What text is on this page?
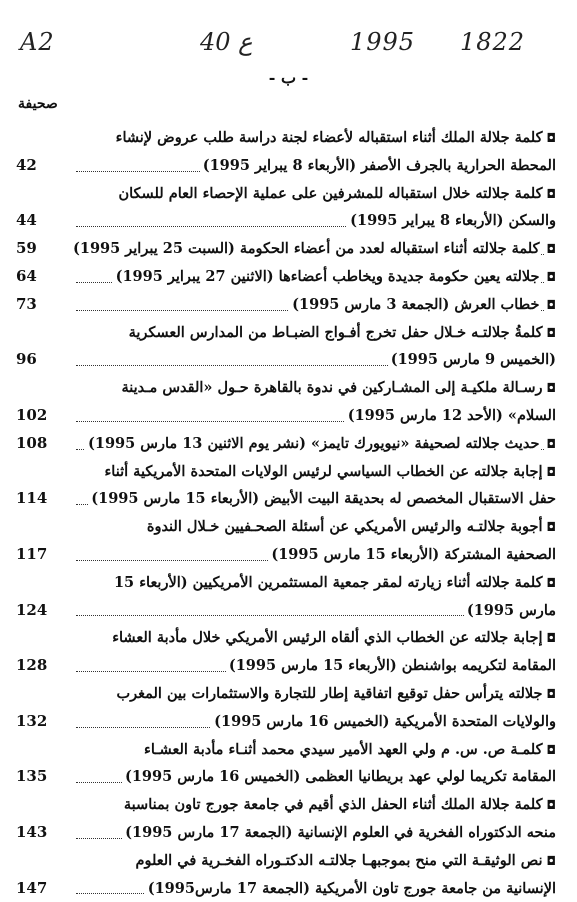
A2	40 ع	1995 1822
- ب -
صحيفة
◘كلمة جلالة الملك أثناء استقباله لأعضاء لجنة دراسة طلب عروض لإنشاء
المحطة الحرارية بالجرف الأصفر (الأربعاء 8 يبراير 1995)
42
◘كلمة جلالته خلال استقباله للمشرفين على عملية الإحصاء العام للسكان
والسكن (الأربعاء 8 يبراير 1995)
44
◘كلمة جلالته أثناء استقباله لعدد من أعضاء الحكومة (السبت 25 يبراير 1995)
59
◘جلالته يعين حكومة جديدة ويخاطب أعضاءها (الاثنين 27 يبراير 1995)
64
◘خطاب العرش (الجمعة 3 مارس 1995)
73
◘كلمةُ جلالتـه خـلال حفل تخرج أفـواج الضبـاط من المدارس العسكرية
(الخميس 9 مارس 1995)
96
◘رسـالة ملكيـة إلى المشـاركين في ندوة بالقاهرة حـول «القدس مـدينة
السلام» (الأحد 12 مارس 1995)
102
◘حديث جلالته لصحيفة «نيويورك تايمز» (نشر يوم الاثنين 13 مارس 1995)
108
◘إجابة جلالته عن الخطاب السياسي لرئيس الولايات المتحدة الأمريكية أثناء
حفل الاستقبال المخصص له بحديقة البيت الأبيض (الأربعاء 15 مارس 1995)
114
◘أجوبة جلالتـه والرئيس الأمريكي عن أسئلة الصحـفيين خـلال الندوة
الصحفية المشتركة (الأربعاء 15 مارس 1995)
117
◘كلمة جلالته أثناء زيارته لمقر جمعية المستثمرين الأمريكيين (الأربعاء 15
مارس 1995)
124
◘إجابة جلالته عن الخطاب الذي ألقاه الرئيس الأمريكي خلال مأدبة العشاء
المقامة لتكريمه بواشنطن (الأربعاء 15 مارس 1995)
128
◘جلالته يترأس حفل توقيع اتفاقية إطار للتجارة والاستثمارات بين المغرب
والولايات المتحدة الأمريكية (الخميس 16 مارس 1995)
132
◘كلمـة ص. س. م ولي العهد الأمير سيدي محمد أثنـاء مأدبة العشـاء
المقامة تكريما لولي عهد بريطانيا العظمى (الخميس 16 مارس 1995)
135
◘كلمة جلالة الملك أثناء الحفل الذي أقيم في جامعة جورج تاون بمناسبة
منحه الدكتوراه الفخرية في العلوم الإنسانية (الجمعة 17 مارس 1995)
143
◘نص الوثيقـة التي منح بموجبهـا جلالتـه الدكتـوراه الفخـرية في العلوم
الإنسانية من جامعة جورج تاون الأمريكية (الجمعة 17 مارس1995)
147
